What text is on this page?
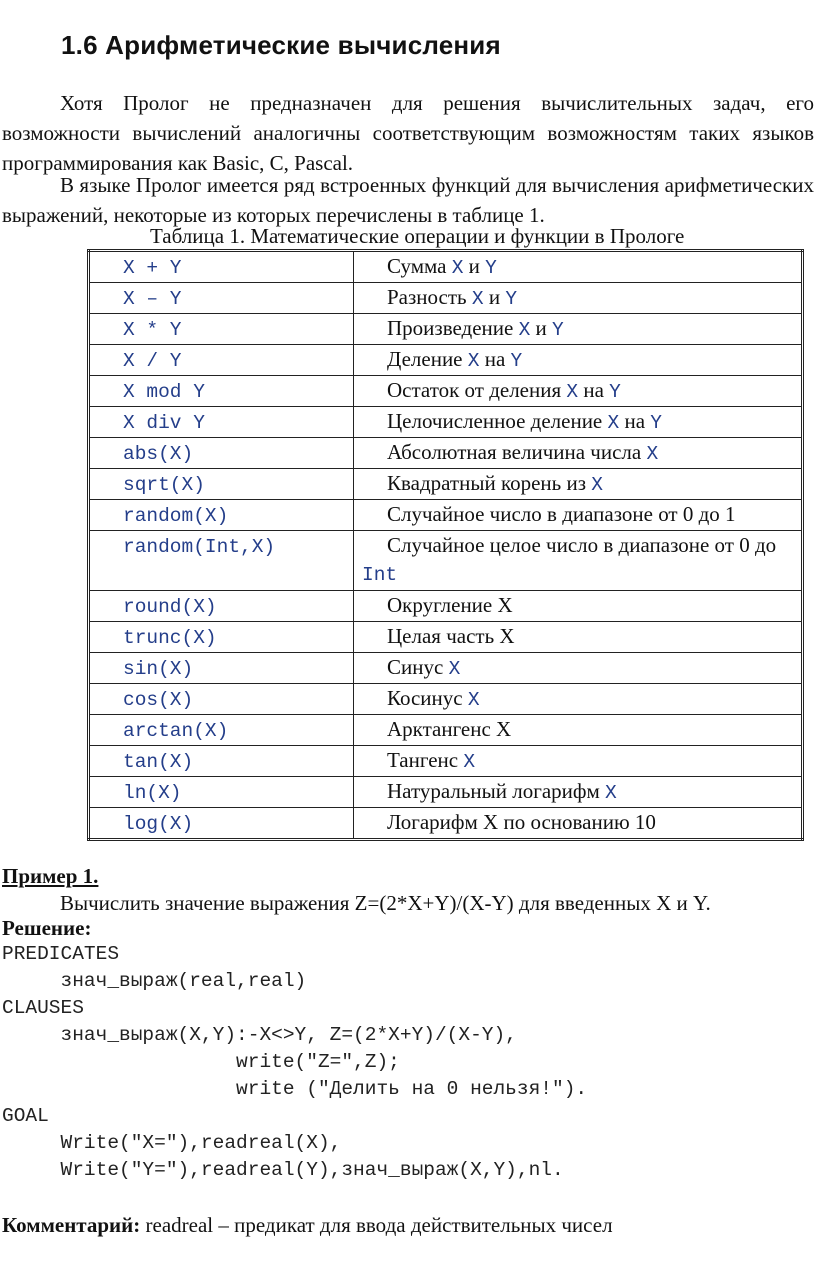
1.6 Арифметические вычисления
Хотя Пролог не предназначен для решения вычислительных задач, его возможности вычислений аналогичны соответствующим возможностям таких языков программирования как Basic, С, Pascal.
В языке Пролог имеется ряд встроенных функций для вычисления арифметических выражений, некоторые из которых перечислены в таблице 1.
Таблица 1. Математические операции и функции в Прологе
X + Y	Сумма X и Y
X – Y	Разность X и Y
X * Y	Произведение X и Y
X / Y	Деление X на Y
X mod Y	Остаток от деления X на Y
X div Y	Целочисленное деление X на Y
abs(X)	Абсолютная величина числа X
sqrt(X)	Квадратный корень из X
random(X)	Случайное число в диапазоне от 0 до 1
random(Int,X)	Случайное целое число в диапазоне от 0 до
Int
round(X)	Округление X
trunc(X)	Целая часть X
sin(X)	Синус X
cos(X)	Косинус X
arctan(X)	Арктангенс X
tan(X)	Тангенс X
ln(X)	Натуральный логарифм X
log(X)	Логарифм X по основанию 10
Пример 1.
Вычислить значение выражения Z=(2*X+Y)/(X-Y) для введенных X и Y.
Решение:
PREDICATES
знач_выраж(real,real)
CLAUSES
знач_выраж(X,Y):-X<>Y, Z=(2*X+Y)/(X-Y),
write("Z=",Z);
write ("Делить на 0 нельзя!").
GOAL
Write("X="),readreal(X),
Write("Y="),readreal(Y),знач_выраж(X,Y),nl.
Комментарий: readreal – предикат для ввода действительных чисел
